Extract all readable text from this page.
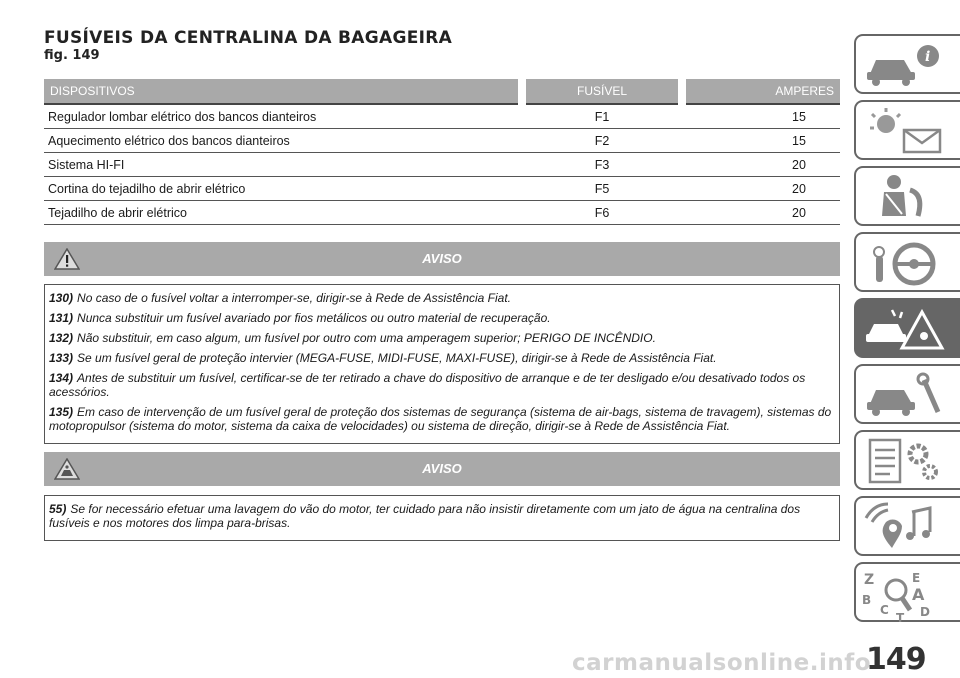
FUSÍVEIS DA CENTRALINA DA BAGAGEIRA
fig. 149
DISPOSITIVOS	FUSÍVEL	AMPERES
Regulador lombar elétrico dos bancos dianteiros	F1	15
Aquecimento elétrico dos bancos dianteiros	F2	15
Sistema HI-FI	F3	20
Cortina do tejadilho de abrir elétrico	F5	20
Tejadilho de abrir elétrico	F6	20
AVISO

130) No caso de o fusível voltar a interromper-se, dirigir-se à Rede de Assistência Fiat.

131) Nunca substituir um fusível avariado por fios metálicos ou outro material de recuperação.

132) Não substituir, em caso algum, um fusível por outro com uma amperagem superior; PERIGO DE INCÊNDIO.

133) Se um fusível geral de proteção intervier (MEGA-FUSE, MIDI-FUSE, MAXI-FUSE), dirigir-se à Rede de Assistência Fiat.

134) Antes de substituir um fusível, certificar-se de ter retirado a chave do dispositivo de arranque e de ter desligado e/ou desativado todos os acessórios.

135) Em caso de intervenção de um fusível geral de proteção dos sistemas de segurança (sistema de air-bags, sistema de travagem), sistemas do motopropulsor (sistema do motor, sistema da caixa de velocidades) ou sistema de direção, dirigir-se à Rede de Assistência Fiat.

AVISO

55) Se for necessário efetuar uma lavagem do vão do motor, ter cuidado para não insistir diretamente com um jato de água na centralina dos fusíveis e nos motores dos limpa para-brisas.

i
Z	E
B	A
C	D
T
carmanualsonline.info
149
